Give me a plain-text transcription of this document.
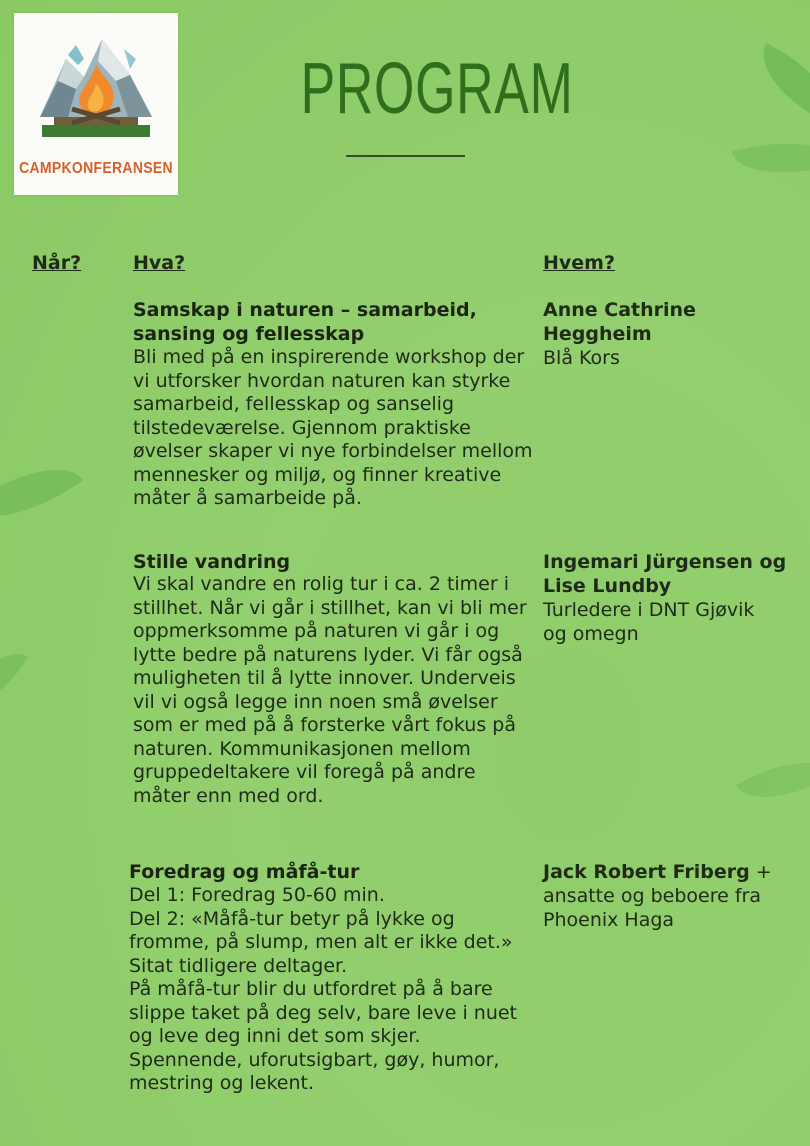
CAMPKONFERANSEN
PROGRAM
Når?	Hva?	Hvem?
Samskap i naturen – samarbeid, sansing og fellesskap
Bli med på en inspirerende workshop der vi utforsker hvordan naturen kan styrke samarbeid, fellesskap og sanselig tilstedeværelse. Gjennom praktiske øvelser skaper vi nye forbindelser mellom mennesker og miljø, og finner kreative måter å samarbeide på.
Anne Cathrine Heggheim
Blå Kors
Stille vandring
Vi skal vandre en rolig tur i ca. 2 timer i stillhet. Når vi går i stillhet, kan vi bli mer oppmerksomme på naturen vi går i og lytte bedre på naturens lyder. Vi får også muligheten til å lytte innover. Underveis vil vi også legge inn noen små øvelser som er med på å forsterke vårt fokus på naturen. Kommunikasjonen mellom gruppedeltakere vil foregå på andre måter enn med ord.
Ingemari Jürgensen og Lise Lundby
Turledere i DNT Gjøvik og omegn
Foredrag og måfå-tur
Del 1: Foredrag 50-60 min.
Del 2: «Måfå-tur betyr på lykke og fromme, på slump, men alt er ikke det.» Sitat tidligere deltager.
På måfå-tur blir du utfordret på å bare slippe taket på deg selv, bare leve i nuet og leve deg inni det som skjer. Spennende, uforutsigbart, gøy, humor, mestring og lekent.
Jack Robert Friberg + ansatte og beboere fra Phoenix Haga
